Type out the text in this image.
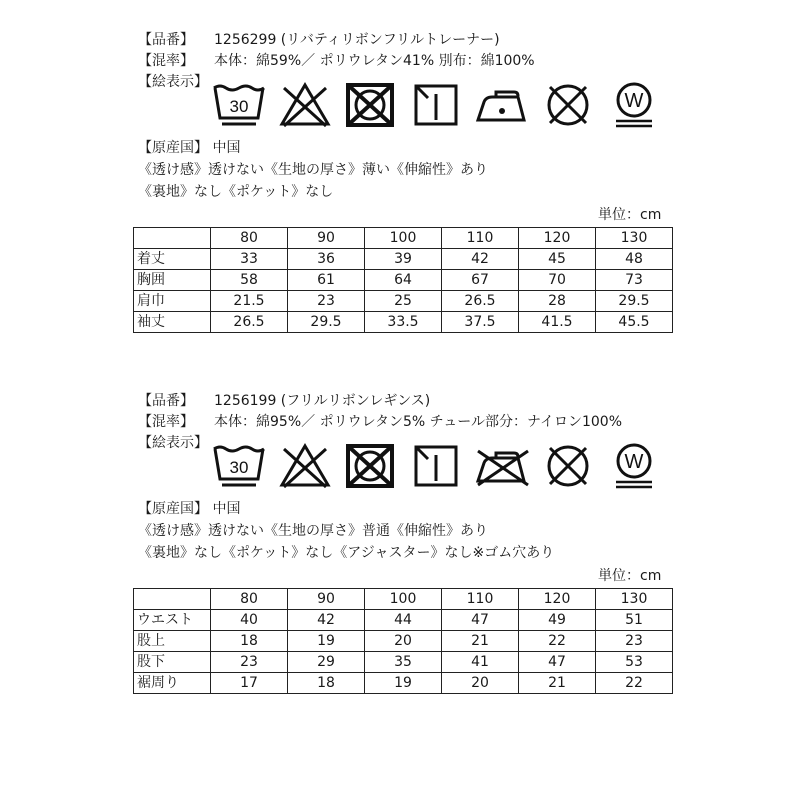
【品番】 1256299 (リバティリボンフリルトレーナー)
【混率】 本体：綿59%／ ポリウレタン41% 別布：綿100%
【絵表示】
30	W
【原産国】 中国
《透け感》透けない《生地の厚さ》薄い《伸縮性》あり
《裏地》なし《ポケット》なし
単位：cm
	80	90	100	110	120	130
着丈	33	36	39	42	45	48
胸囲	58	61	64	67	70	73
肩巾	21.5	23	25	26.5	28	29.5
袖丈	26.5	29.5	33.5	37.5	41.5	45.5
【品番】 1256199 (フリルリボンレギンス)
【混率】 本体：綿95%／ ポリウレタン5% チュール部分：ナイロン100%
【絵表示】
30	W
【原産国】 中国
《透け感》透けない《生地の厚さ》普通《伸縮性》あり
《裏地》なし《ポケット》なし《アジャスター》なし※ゴム穴あり
単位：cm
	80	90	100	110	120	130
ウエスト	40	42	44	47	49	51
股上	18	19	20	21	22	23
股下	23	29	35	41	47	53
裾周り	17	18	19	20	21	22
